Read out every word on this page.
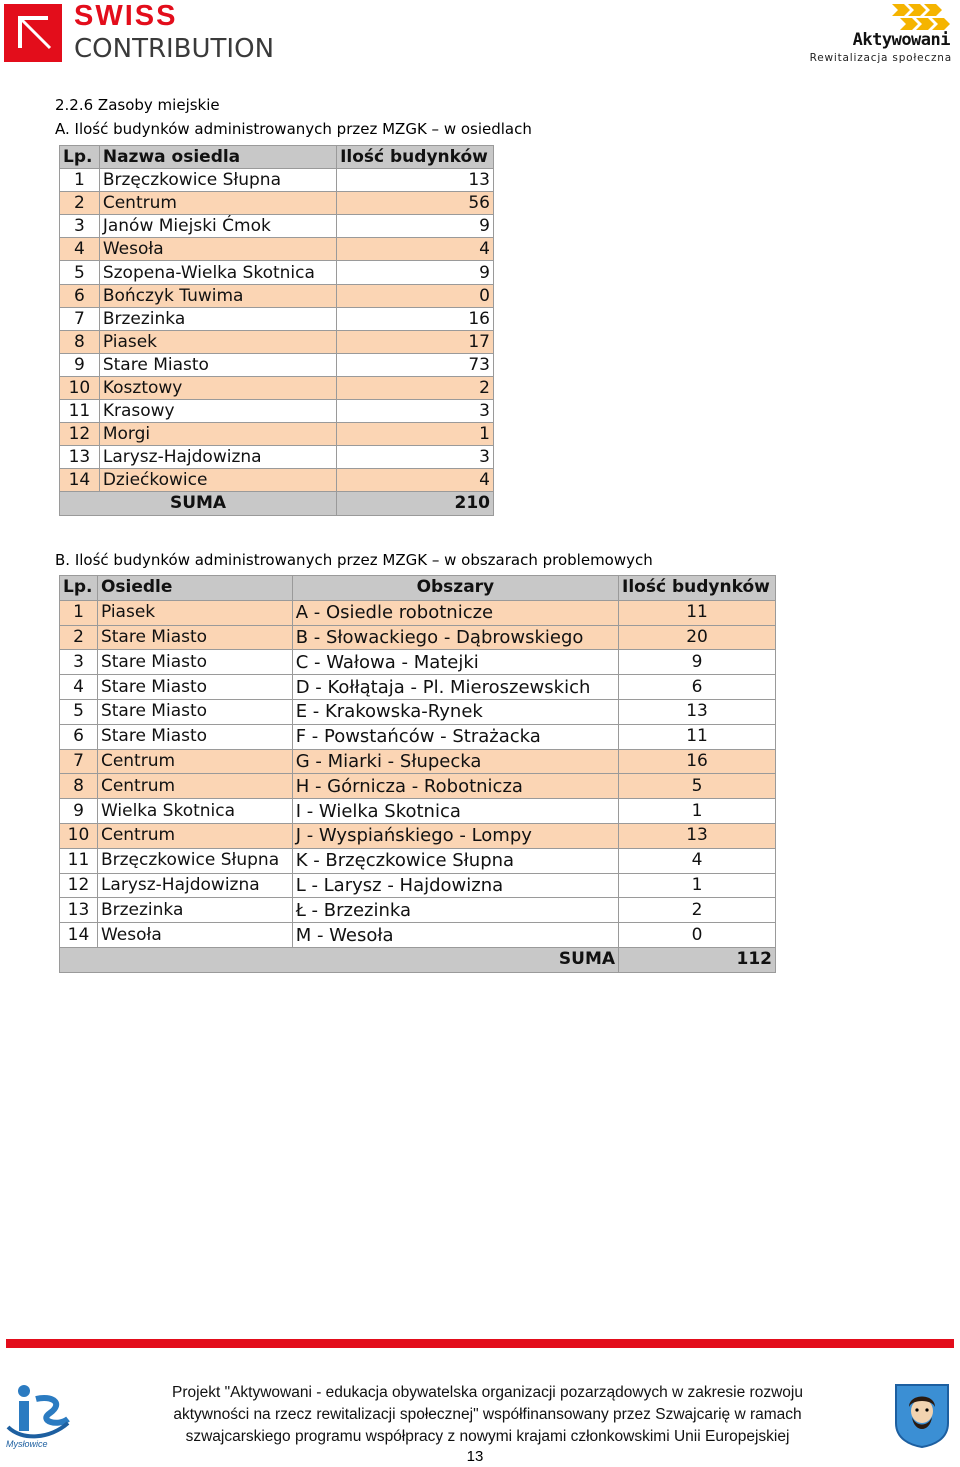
SWISS
CONTRIBUTION	Aktywowani
Rewitalizacja społeczna
2.2.6 Zasoby miejskie
A. Ilość budynków administrowanych przez MZGK – w osiedlach
Lp.	Nazwa osiedla	Ilość budynków
1	Brzęczkowice Słupna	13
2	Centrum	56
3	Janów Miejski Ćmok	9
4	Wesoła	4
5	Szopena-Wielka Skotnica	9
6	Bończyk Tuwima	0
7	Brzezinka	16
8	Piasek	17
9	Stare Miasto	73
10	Kosztowy	2
11	Krasowy	3
12	Morgi	1
13	Larysz-Hajdowizna	3
14	Dziećkowice	4
SUMA		210
B. Ilość budynków administrowanych przez MZGK – w obszarach problemowych
Lp.	Osiedle	Obszary	Ilość budynków
1	Piasek	A - Osiedle robotnicze	11
2	Stare Miasto	B - Słowackiego - Dąbrowskiego	20
3	Stare Miasto	C - Wałowa - Matejki	9
4	Stare Miasto	D - Kołłątaja - Pl. Mieroszewskich	6
5	Stare Miasto	E - Krakowska-Rynek	13
6	Stare Miasto	F - Powstańców - Strażacka	11
7	Centrum	G - Miarki - Słupecka	16
8	Centrum	H - Górnicza - Robotnicza	5
9	Wielka Skotnica	I - Wielka Skotnica	1
10	Centrum	J - Wyspiańskiego - Lompy	13
11	Brzęczkowice Słupna	K - Brzęczkowice Słupna	4
12	Larysz-Hajdowizna	L - Larysz - Hajdowizna	1
13	Brzezinka	Ł - Brzezinka	2
14	Wesoła	M - Wesoła	0
SUMA			112
Mysłowice
Projekt "Aktywowani - edukacja obywatelska organizacji pozarządowych w zakresie rozwoju
aktywności na rzecz rewitalizacji społecznej" współfinansowany przez Szwajcarię w ramach
szwajcarskiego programu współpracy z nowymi krajami członkowskimi Unii Europejskiej
13
